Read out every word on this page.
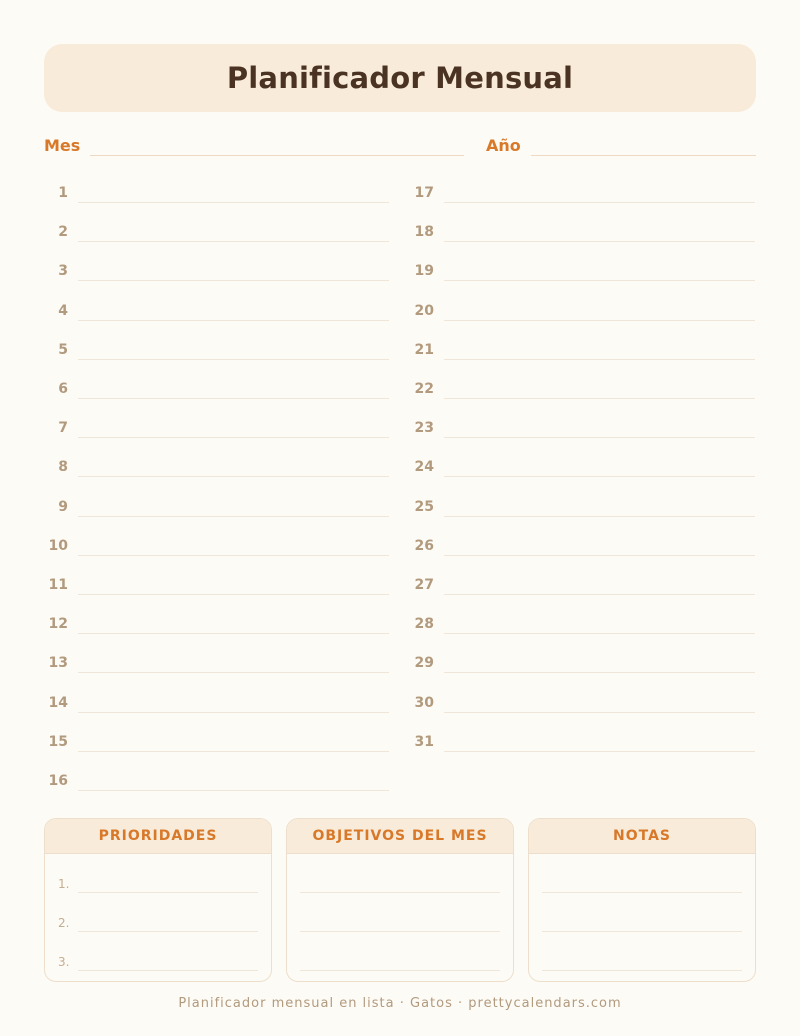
Planificador Mensual
Mes	Año
1
2
3
4
5
6
7
8
9
10
11
12
13
14
15
16
17
18
19
20
21
22
23
24
25
26
27
28
29
30
31
PRIORIDADES
1.
2.
3.
OBJETIVOS DEL MES	NOTAS
Planificador mensual en lista · Gatos · prettycalendars.com
